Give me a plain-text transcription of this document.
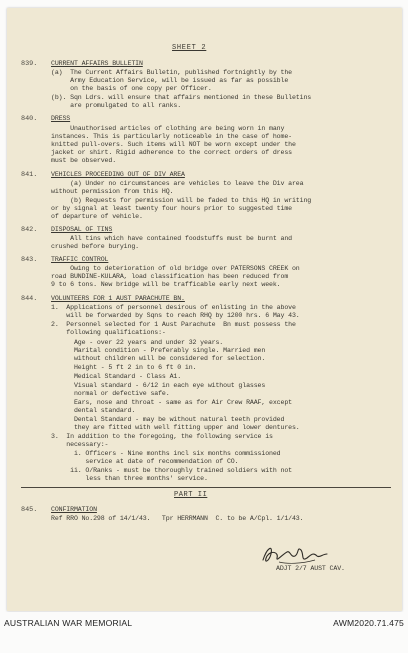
SHEET 2
839. CURRENT AFFAIRS BULLETIN
(a)  The Current Affairs Bulletin, published fortnightly by the
Army Education Service, will be issued as far as possible
on the basis of one copy per Officer.
(b). Sqn Ldrs. will ensure that affairs mentioned in these Bulletins
are promulgated to all ranks.
840. DRESS
Unauthorised articles of clothing are being worn in many
instances. This is particularly noticeable in the case of home-
knitted pull-overs. Such items will NOT be worn except under the
jacket or shirt. Rigid adherence to the correct orders of dress
must be observed.
841. VEHICLES PROCEEDING OUT OF DIV AREA
(a) Under no circumstances are vehicles to leave the Div area
without permission from this HQ.
(b) Requests for permission will be faded to this HQ in writing
or by signal at least twenty four hours prior to suggested time
of departure of vehicle.
842. DISPOSAL OF TINS
All tins which have contained foodstuffs must be burnt and
crushed before burying.
843. TRAFFIC CONTROL
Owing to deterioration of old bridge over PATERSONS CREEK on
road BUNDINE-KULARA, load classification has been reduced from
9 to 6 tons. New bridge will be trafficable early next week.
844. VOLUNTEERS FOR 1 AUST PARACHUTE BN.
1.  Applications of personnel desirous of enlisting in the above
will be forwarded by Sqns to reach RHQ by 1200 hrs. 6 May 43.
2.  Personnel selected for 1 Aust Parachute  Bn must possess the
following qualifications:-
Age - over 22 years and under 32 years.
Marital condition - Preferably single. Married men
without children will be considered for selection.
Height - 5 ft 2 in to 6 ft 0 in.
Medical Standard - Class A1.
Visual standard - 6/12 in each eye without glasses
normal or defective safe.
Ears, nose and throat - same as for Air Crew RAAF, except
dental standard.
Dental Standard - may be without natural teeth provided
they are fitted with well fitting upper and lower dentures.
3.  In addition to the foregoing, the following service is
necessary:-
i. Officers - Nine months incl six months commissioned
service at date of recommendation of CO.
ii. O/Ranks - must be thoroughly trained soldiers with not
less than three months' service.
PART II
845. CONFIRMATION
Ref RRO No.298 of 14/1/43.   Tpr HERRMANN  C. to be A/Cpl. 1/1/43.
ADJT 2/7 AUST CAV.
AUSTRALIAN WAR MEMORIAL	AWM2020.71.475
